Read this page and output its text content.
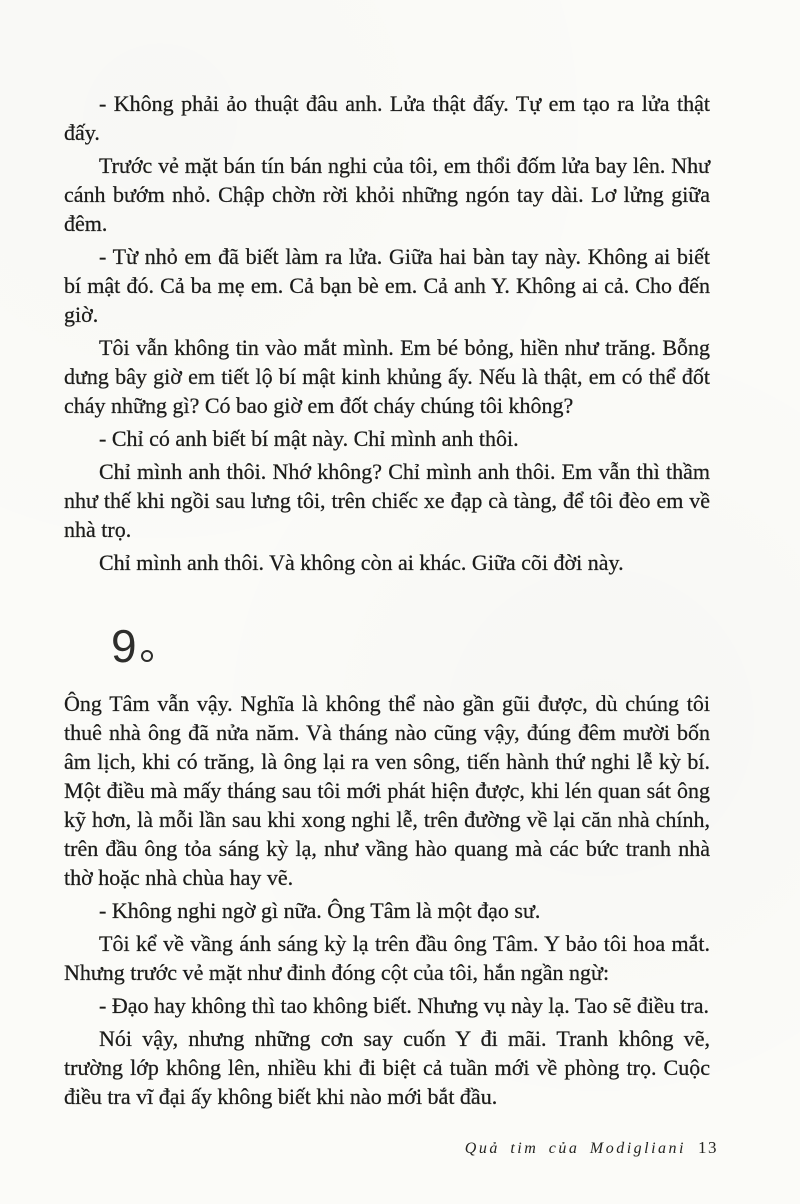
- Không phải ảo thuật đâu anh. Lửa thật đấy. Tự em tạo ra lửa thật đấy.

Trước vẻ mặt bán tín bán nghi của tôi, em thổi đốm lửa bay lên. Như cánh bướm nhỏ. Chập chờn rời khỏi những ngón tay dài. Lơ lửng giữa đêm.

- Từ nhỏ em đã biết làm ra lửa. Giữa hai bàn tay này. Không ai biết bí mật đó. Cả ba mẹ em. Cả bạn bè em. Cả anh Y. Không ai cả. Cho đến giờ.

Tôi vẫn không tin vào mắt mình. Em bé bỏng, hiền như trăng. Bỗng dưng bây giờ em tiết lộ bí mật kinh khủng ấy. Nếu là thật, em có thể đốt cháy những gì? Có bao giờ em đốt cháy chúng tôi không?

- Chỉ có anh biết bí mật này. Chỉ mình anh thôi.

Chỉ mình anh thôi. Nhớ không? Chỉ mình anh thôi. Em vẫn thì thầm như thế khi ngồi sau lưng tôi, trên chiếc xe đạp cà tàng, để tôi đèo em về nhà trọ.

Chỉ mình anh thôi. Và không còn ai khác. Giữa cõi đời này.

9

Ông Tâm vẫn vậy. Nghĩa là không thể nào gần gũi được, dù chúng tôi thuê nhà ông đã nửa năm. Và tháng nào cũng vậy, đúng đêm mười bốn âm lịch, khi có trăng, là ông lại ra ven sông, tiến hành thứ nghi lễ kỳ bí. Một điều mà mấy tháng sau tôi mới phát hiện được, khi lén quan sát ông kỹ hơn, là mỗi lần sau khi xong nghi lễ, trên đường về lại căn nhà chính, trên đầu ông tỏa sáng kỳ lạ, như vầng hào quang mà các bức tranh nhà thờ hoặc nhà chùa hay vẽ.

- Không nghi ngờ gì nữa. Ông Tâm là một đạo sư.

Tôi kể về vầng ánh sáng kỳ lạ trên đầu ông Tâm. Y bảo tôi hoa mắt. Nhưng trước vẻ mặt như đinh đóng cột của tôi, hắn ngần ngừ:

- Đạo hay không thì tao không biết. Nhưng vụ này lạ. Tao sẽ điều tra.

Nói vậy, nhưng những cơn say cuốn Y đi mãi. Tranh không vẽ, trường lớp không lên, nhiều khi đi biệt cả tuần mới về phòng trọ. Cuộc điều tra vĩ đại ấy không biết khi nào mới bắt đầu.

Quả tim của Modigliani 13
